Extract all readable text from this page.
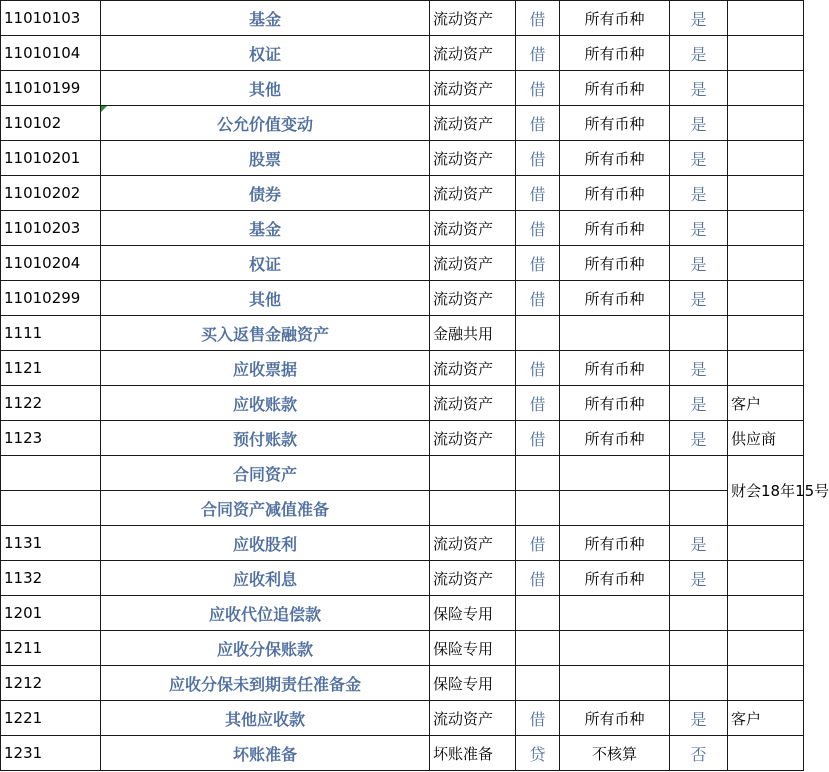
11010103	基金	流动资产	借	所有币种	是	
11010104	权证	流动资产	借	所有币种	是	
11010199	其他	流动资产	借	所有币种	是	
110102	公允价值变动	流动资产	借	所有币种	是	
11010201	股票	流动资产	借	所有币种	是	
11010202	债券	流动资产	借	所有币种	是	
11010203	基金	流动资产	借	所有币种	是	
11010204	权证	流动资产	借	所有币种	是	
11010299	其他	流动资产	借	所有币种	是	
1111	买入返售金融资产	金融共用				
1121	应收票据	流动资产	借	所有币种	是	
1122	应收账款	流动资产	借	所有币种	是	客户
1123	预付账款	流动资产	借	所有币种	是	供应商
	合同资产					财会18年15号
	合同资产减值准备					
1131	应收股利	流动资产	借	所有币种	是	
1132	应收利息	流动资产	借	所有币种	是	
1201	应收代位追偿款	保险专用				
1211	应收分保账款	保险专用				
1212	应收分保未到期责任准备金	保险专用				
1221	其他应收款	流动资产	借	所有币种	是	客户
1231	坏账准备	坏账准备	贷	不核算	否	
